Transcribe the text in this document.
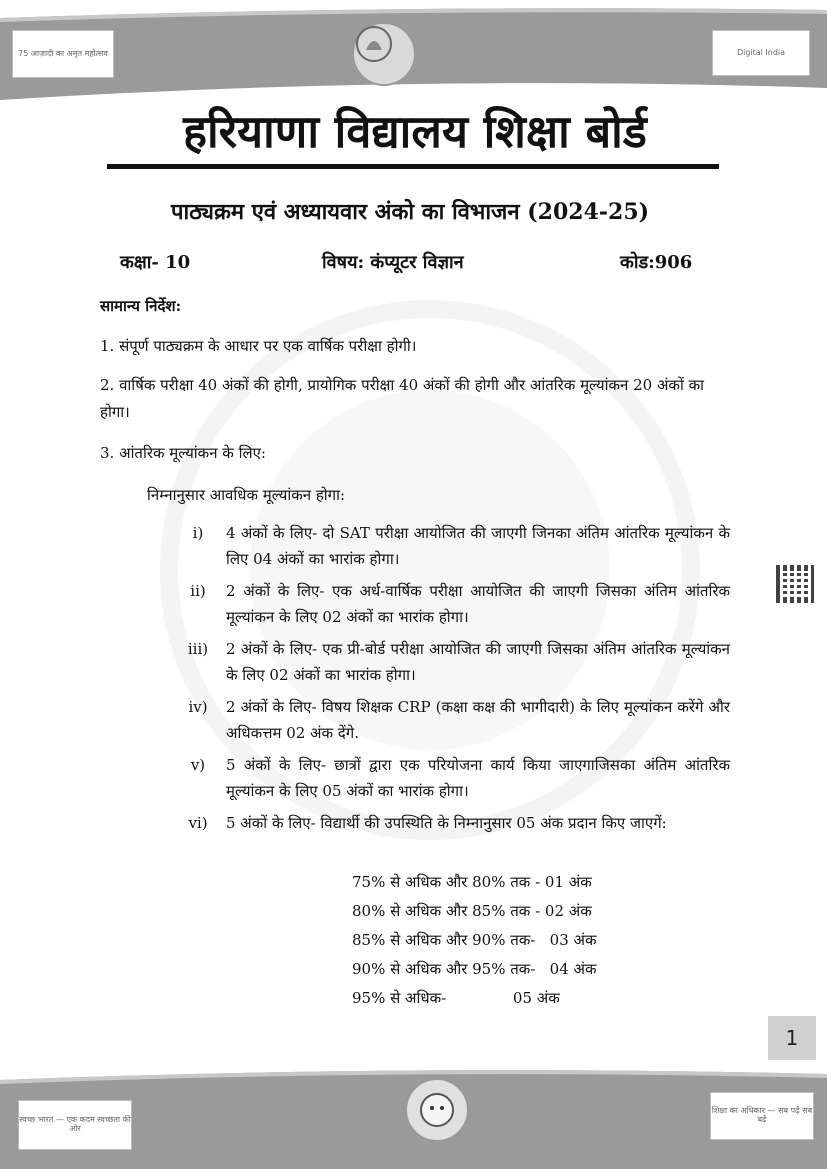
75 आज़ादी का अमृत महोत्सव	Digital India
हरियाणा विद्यालय शिक्षा बोर्ड
पाठ्यक्रम एवं अध्यायवार अंको का विभाजन (2024-25)
कक्षा- 10	विषय: कंप्यूटर विज्ञान	कोड:906
सामान्य निर्देश:
1. संपूर्ण पाठ्यक्रम के आधार पर एक वार्षिक परीक्षा होगी।
2. वार्षिक परीक्षा 40 अंकों की होगी, प्रायोगिक परीक्षा 40 अंकों की होगी और आंतरिक मूल्यांकन 20 अंकों का होगा।
3. आंतरिक मूल्यांकन के लिए:
निम्नानुसार आवधिक मूल्यांकन होगा:
i)	4 अंकों के लिए- दो SAT परीक्षा आयोजित की जाएगी जिनका अंतिम आंतरिक मूल्यांकन के लिए 04 अंकों का भारांक होगा।
ii)	2 अंकों के लिए- एक अर्ध-वार्षिक परीक्षा आयोजित की जाएगी जिसका अंतिम आंतरिक मूल्यांकन के लिए 02 अंकों का भारांक होगा।
iii)	2 अंकों के लिए- एक प्री-बोर्ड परीक्षा आयोजित की जाएगी जिसका अंतिम आंतरिक मूल्यांकन के लिए 02 अंकों का भारांक होगा।
iv)	2 अंकों के लिए- विषय शिक्षक CRP (कक्षा कक्ष की भागीदारी) के लिए मूल्यांकन करेंगे और अधिकत्तम 02 अंक देंगे.
v)	5 अंकों के लिए- छात्रों द्वारा एक परियोजना कार्य किया जाएगाजिसका अंतिम आंतरिक मूल्यांकन के लिए 05 अंकों का भारांक होगा।
vi)	5 अंकों के लिए- विद्यार्थी की उपस्थिति के निम्नानुसार 05 अंक प्रदान किए जाएगें:
75% से अधिक और 80% तक - 01 अंक
80% से अधिक और 85% तक - 02 अंक
85% से अधिक और 90% तक-   03 अंक
90% से अधिक और 95% तक-   04 अंक
95% से अधिक-              05 अंक
1
स्वच्छ भारत — एक कदम स्वच्छता की ओर
शिक्षा का अधिकार — सब पढ़ें सब बढ़ें
